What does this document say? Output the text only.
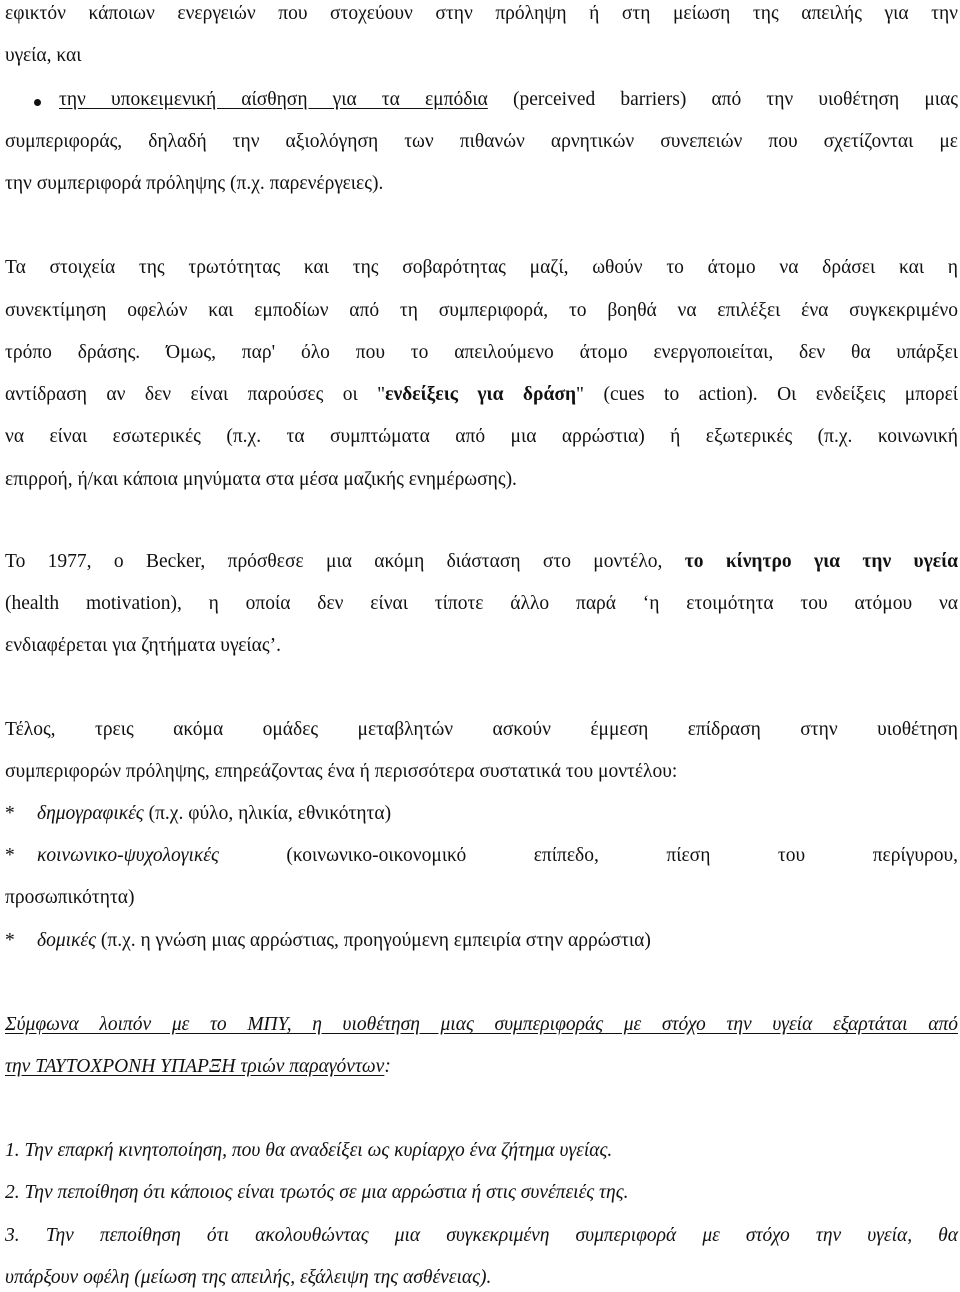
εφικτόν κάποιων ενεργειών που στοχεύουν στην πρόληψη ή στη μείωση της απειλής για την
υγεία, και
την υποκειμενική αίσθηση για τα εμπόδια (perceived barriers) από την υιοθέτηση μιας
συμπεριφοράς, δηλαδή την αξιολόγηση των πιθανών αρνητικών συνεπειών που σχετίζονται με
την συμπεριφορά πρόληψης (π.χ. παρενέργειες).
Τα στοιχεία της τρωτότητας και της σοβαρότητας μαζί, ωθούν το άτομο να δράσει και η
συνεκτίμηση οφελών και εμποδίων από τη συμπεριφορά, το βοηθά να επιλέξει ένα συγκεκριμένο
τρόπο δράσης. Όμως, παρ' όλο που το απειλούμενο άτομο ενεργοποιείται, δεν θα υπάρξει
αντίδραση αν δεν είναι παρούσες οι "ενδείξεις για δράση" (cues to action). Οι ενδείξεις μπορεί
να είναι εσωτερικές (π.χ. τα συμπτώματα από μια αρρώστια) ή εξωτερικές (π.χ. κοινωνική
επιρροή, ή/και κάποια μηνύματα στα μέσα μαζικής ενημέρωσης).
Το 1977, ο Becker, πρόσθεσε μια ακόμη διάσταση στο μοντέλο, το κίνητρο για την υγεία
(health motivation), η οποία δεν είναι τίποτε άλλο παρά ‘η ετοιμότητα του ατόμου να
ενδιαφέρεται για ζητήματα υγείας’.
Τέλος, τρεις ακόμα ομάδες μεταβλητών ασκούν έμμεση επίδραση στην υιοθέτηση
συμπεριφορών πρόληψης, επηρεάζοντας ένα ή περισσότερα συστατικά του μοντέλου:
* δημογραφικές (π.χ. φύλο, ηλικία, εθνικότητα)
* κοινωνικο-ψυχολογικές (κοινωνικο-οικονομικό επίπεδο, πίεση του περίγυρου,
προσωπικότητα)
* δομικές (π.χ. η γνώση μιας αρρώστιας, προηγούμενη εμπειρία στην αρρώστια)
Σύμφωνα λοιπόν με το ΜΠΥ, η υιοθέτηση μιας συμπεριφοράς με στόχο την υγεία εξαρτάται από
την ΤΑΥΤΟΧΡΟΝΗ ΥΠΑΡΞΗ τριών παραγόντων:
1. Την επαρκή κινητοποίηση, που θα αναδείξει ως κυρίαρχο ένα ζήτημα υγείας.
2. Την πεποίθηση ότι κάποιος είναι τρωτός σε μια αρρώστια ή στις συνέπειές της.
3. Την πεποίθηση ότι ακολουθώντας μια συγκεκριμένη συμπεριφορά με στόχο την υγεία, θα
υπάρξουν οφέλη (μείωση της απειλής, εξάλειψη της ασθένειας).
